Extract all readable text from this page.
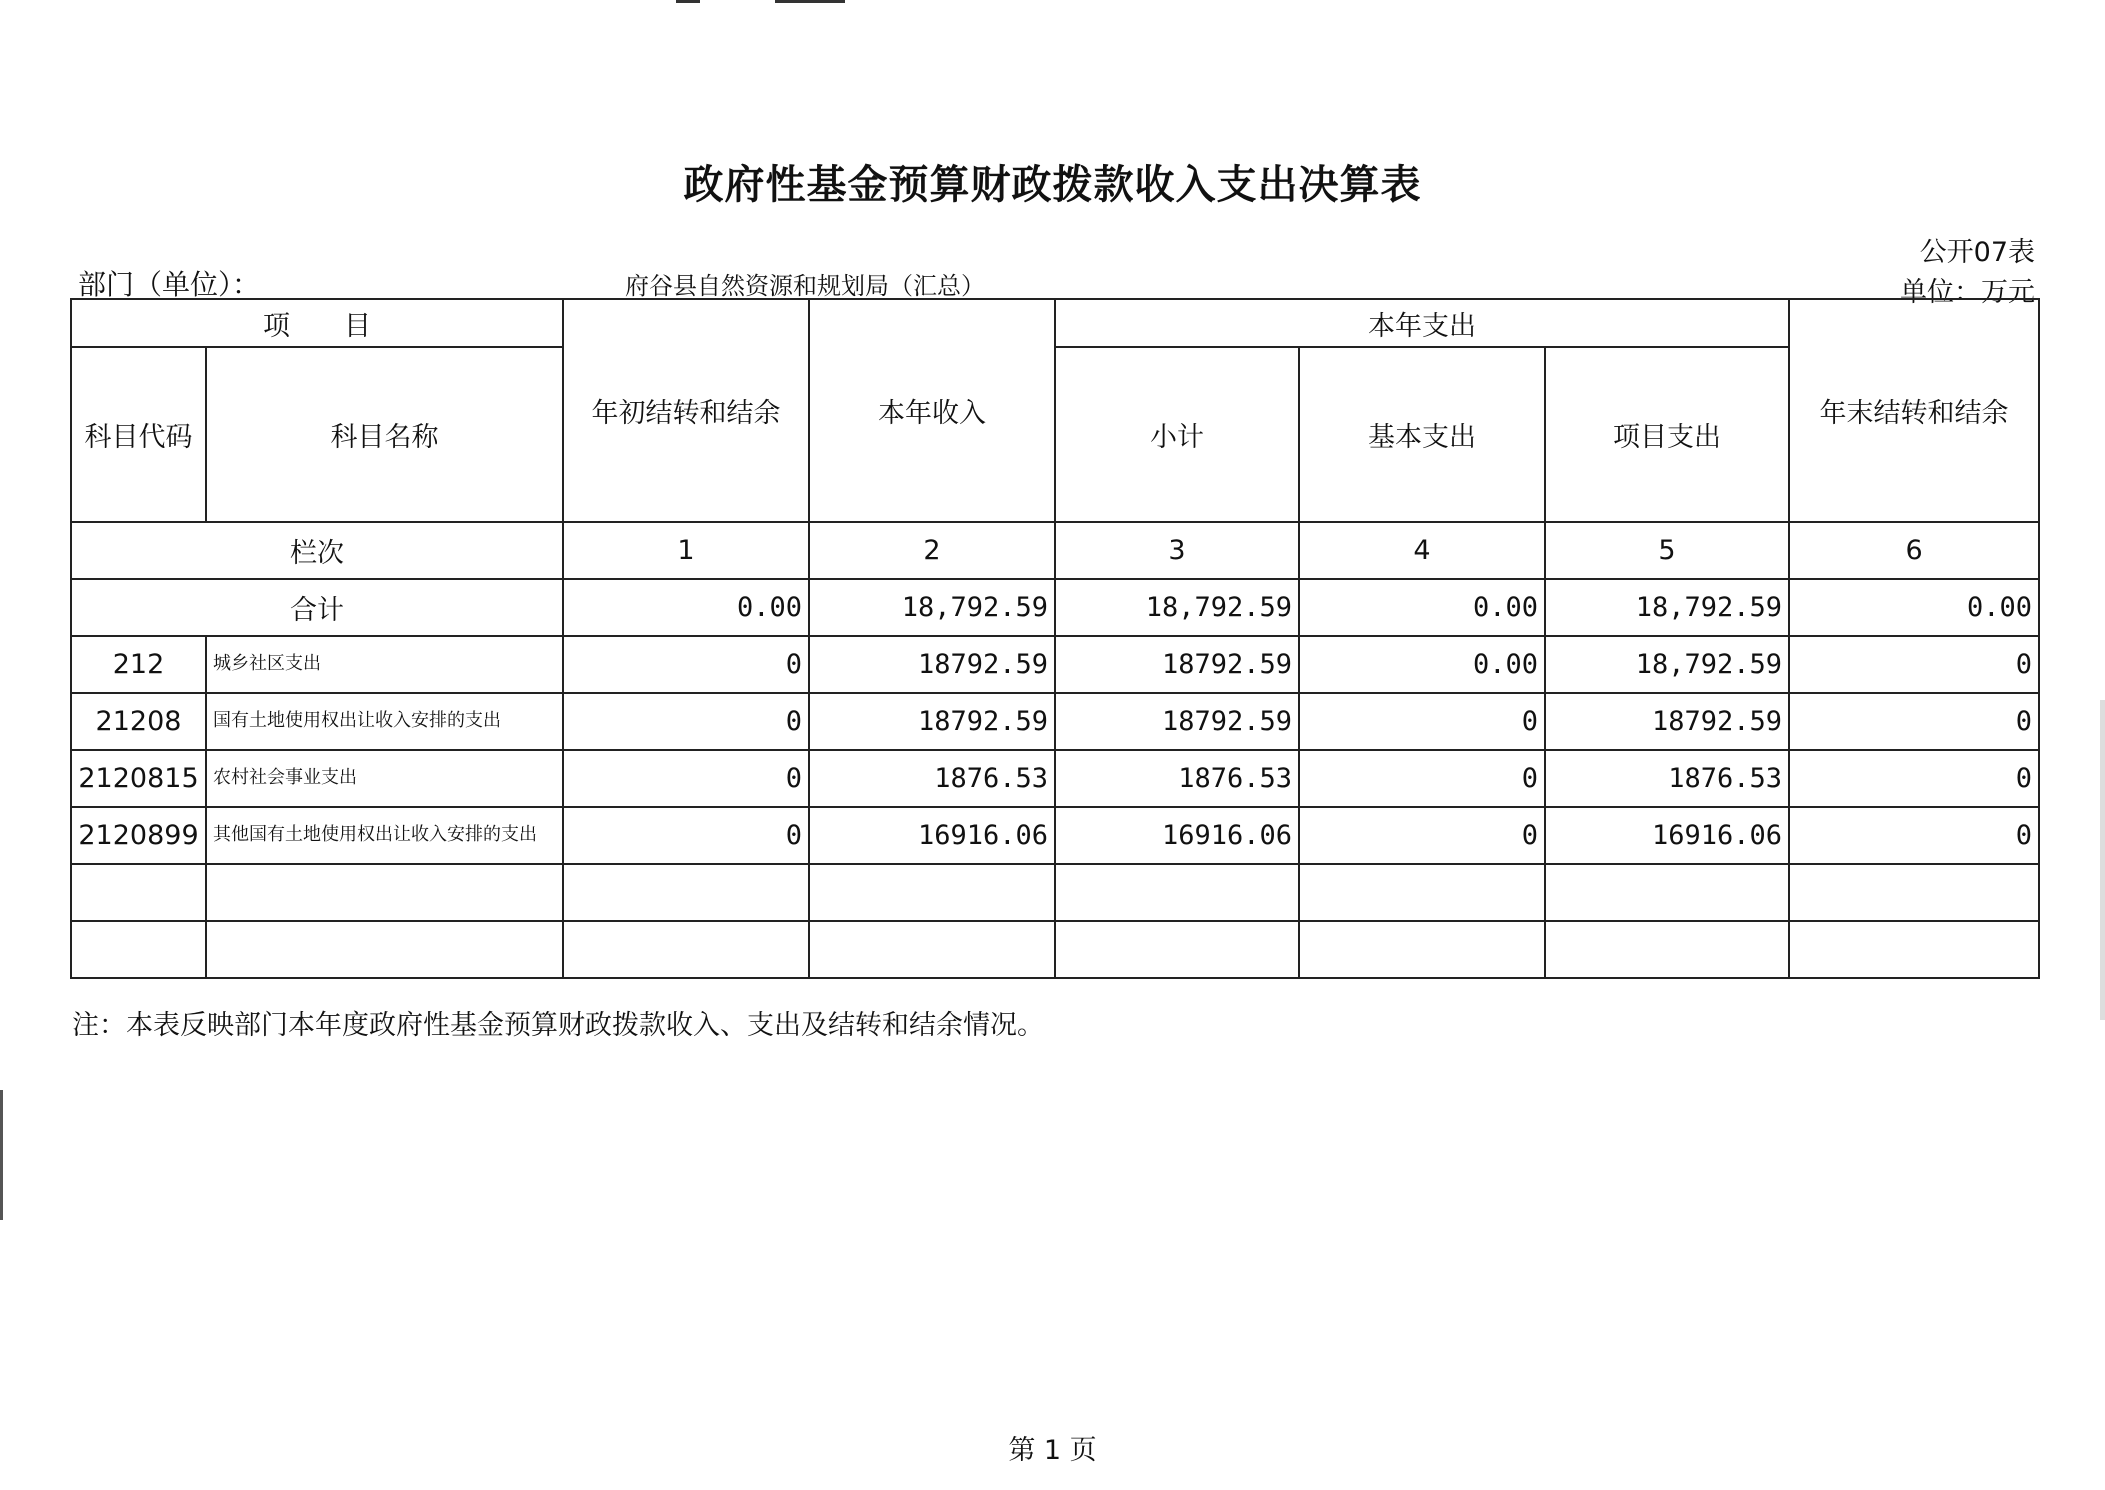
政府性基金预算财政拨款收入支出决算表
公开07表
单位：万元
部门（单位）：	府谷县自然资源和规划局（汇总）
项　　目		年初结转和结余	本年收入	本年支出			年末结转和结余
科目代码	科目名称			小计	基本支出	项目支出	
栏次		1	2	3	4	5	6
合计		0.00	18,792.59	18,792.59	0.00	18,792.59	0.00
212	城乡社区支出	0	18792.59	18792.59	0.00	18,792.59	0
21208	国有土地使用权出让收入安排的支出	0	18792.59	18792.59	0	18792.59	0
2120815	农村社会事业支出	0	1876.53	1876.53	0	1876.53	0
2120899	其他国有土地使用权出让收入安排的支出	0	16916.06	16916.06	0	16916.06	0

注：本表反映部门本年度政府性基金预算财政拨款收入、支出及结转和结余情况。
第 1 页
